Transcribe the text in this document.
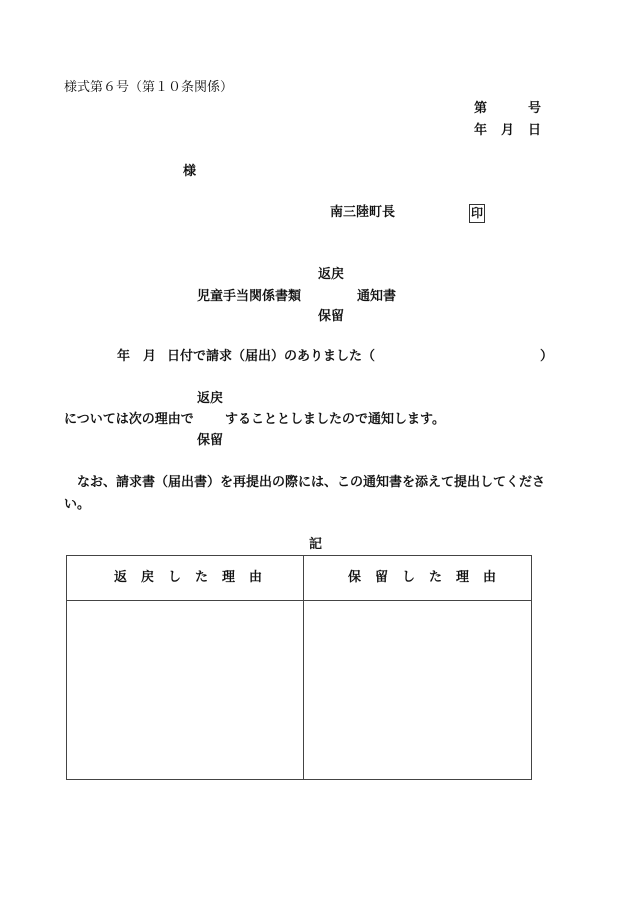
様式第６号（第１０条関係）
第	号
年 月 日
様
南三陸町長	印
返戻
児童手当関係書類	通知書
保留
年 月 日付で請求（届出）のありました（	）
返戻
については次の理由で することとしましたので通知します。
保留
なお、請求書（届出書）を再提出の際には、この通知書を添えて提出してくださ
い。
記
返戻した理由	保留した理由
